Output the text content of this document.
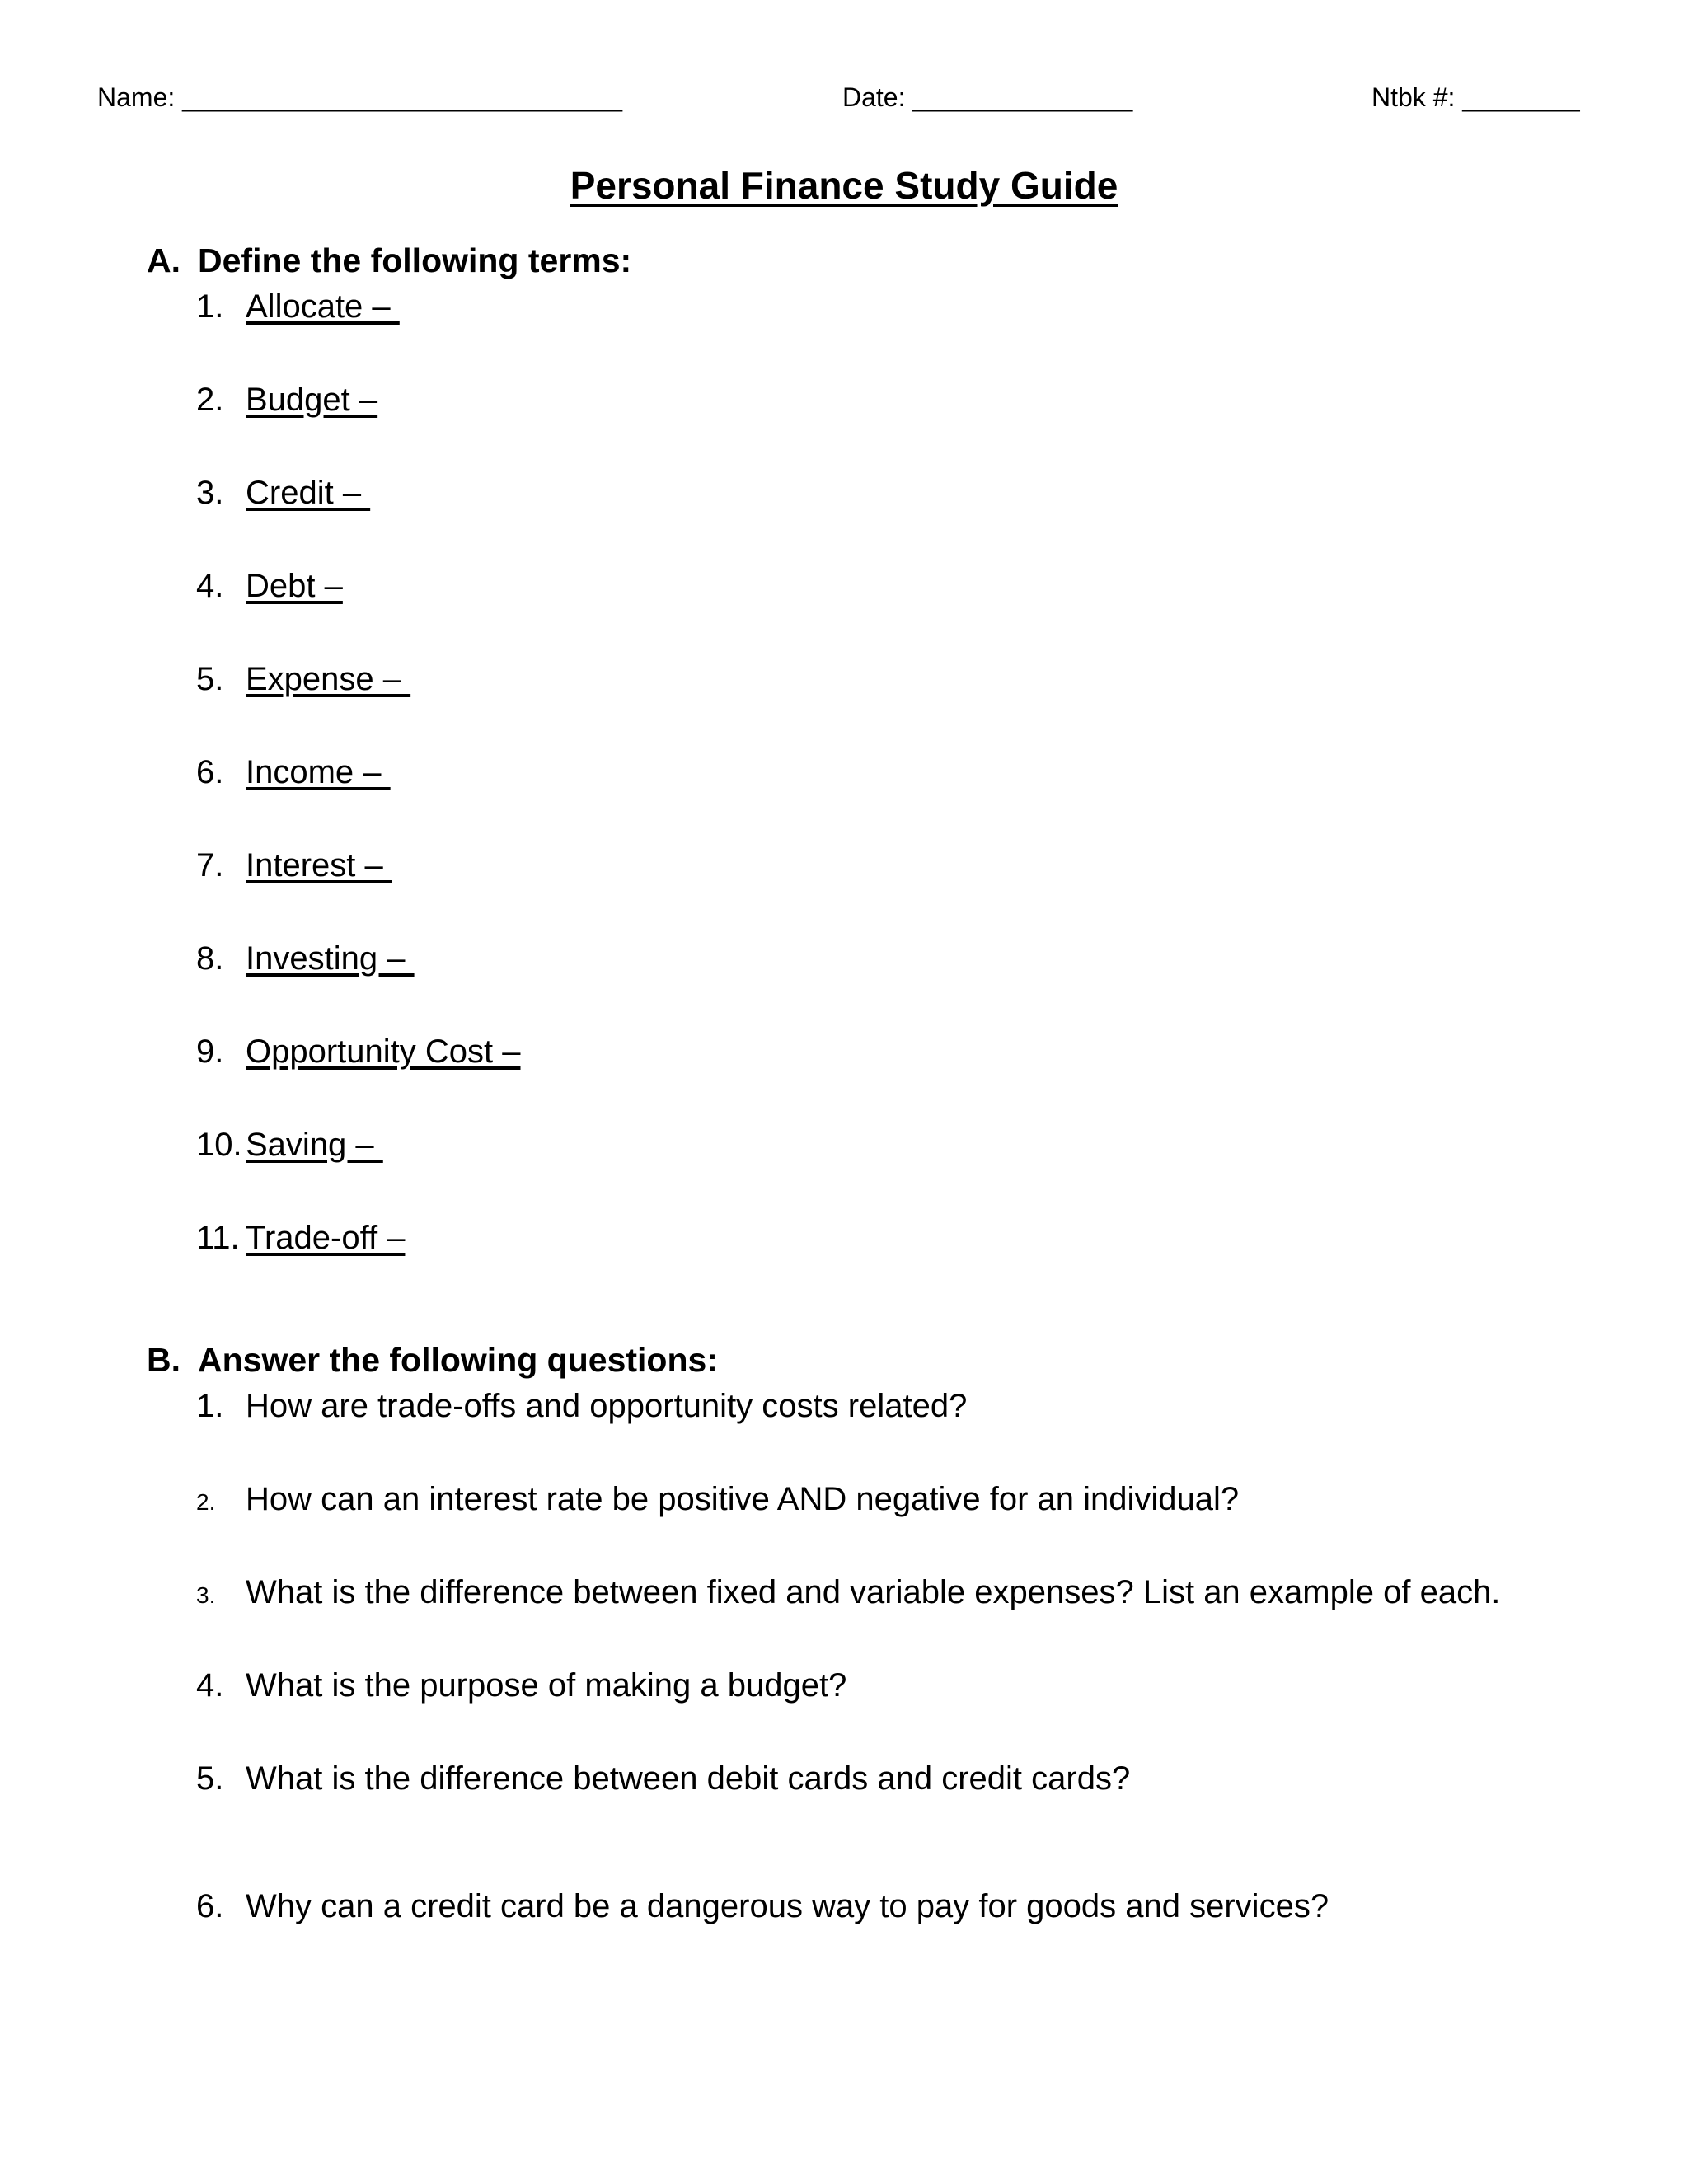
Name: ______________________________	Date: _______________	Ntbk #: ________
Personal Finance Study Guide
A. Define the following terms:
1. Allocate –
2. Budget –
3. Credit –
4. Debt –
5. Expense –
6. Income –
7. Interest –
8. Investing –
9. Opportunity Cost –
10. Saving –
11. Trade-off –
B. Answer the following questions:
1. How are trade-offs and opportunity costs related?
2. How can an interest rate be positive AND negative for an individual?
3. What is the difference between fixed and variable expenses? List an example of each.
4. What is the purpose of making a budget?
5. What is the difference between debit cards and credit cards?
6. Why can a credit card be a dangerous way to pay for goods and services?
